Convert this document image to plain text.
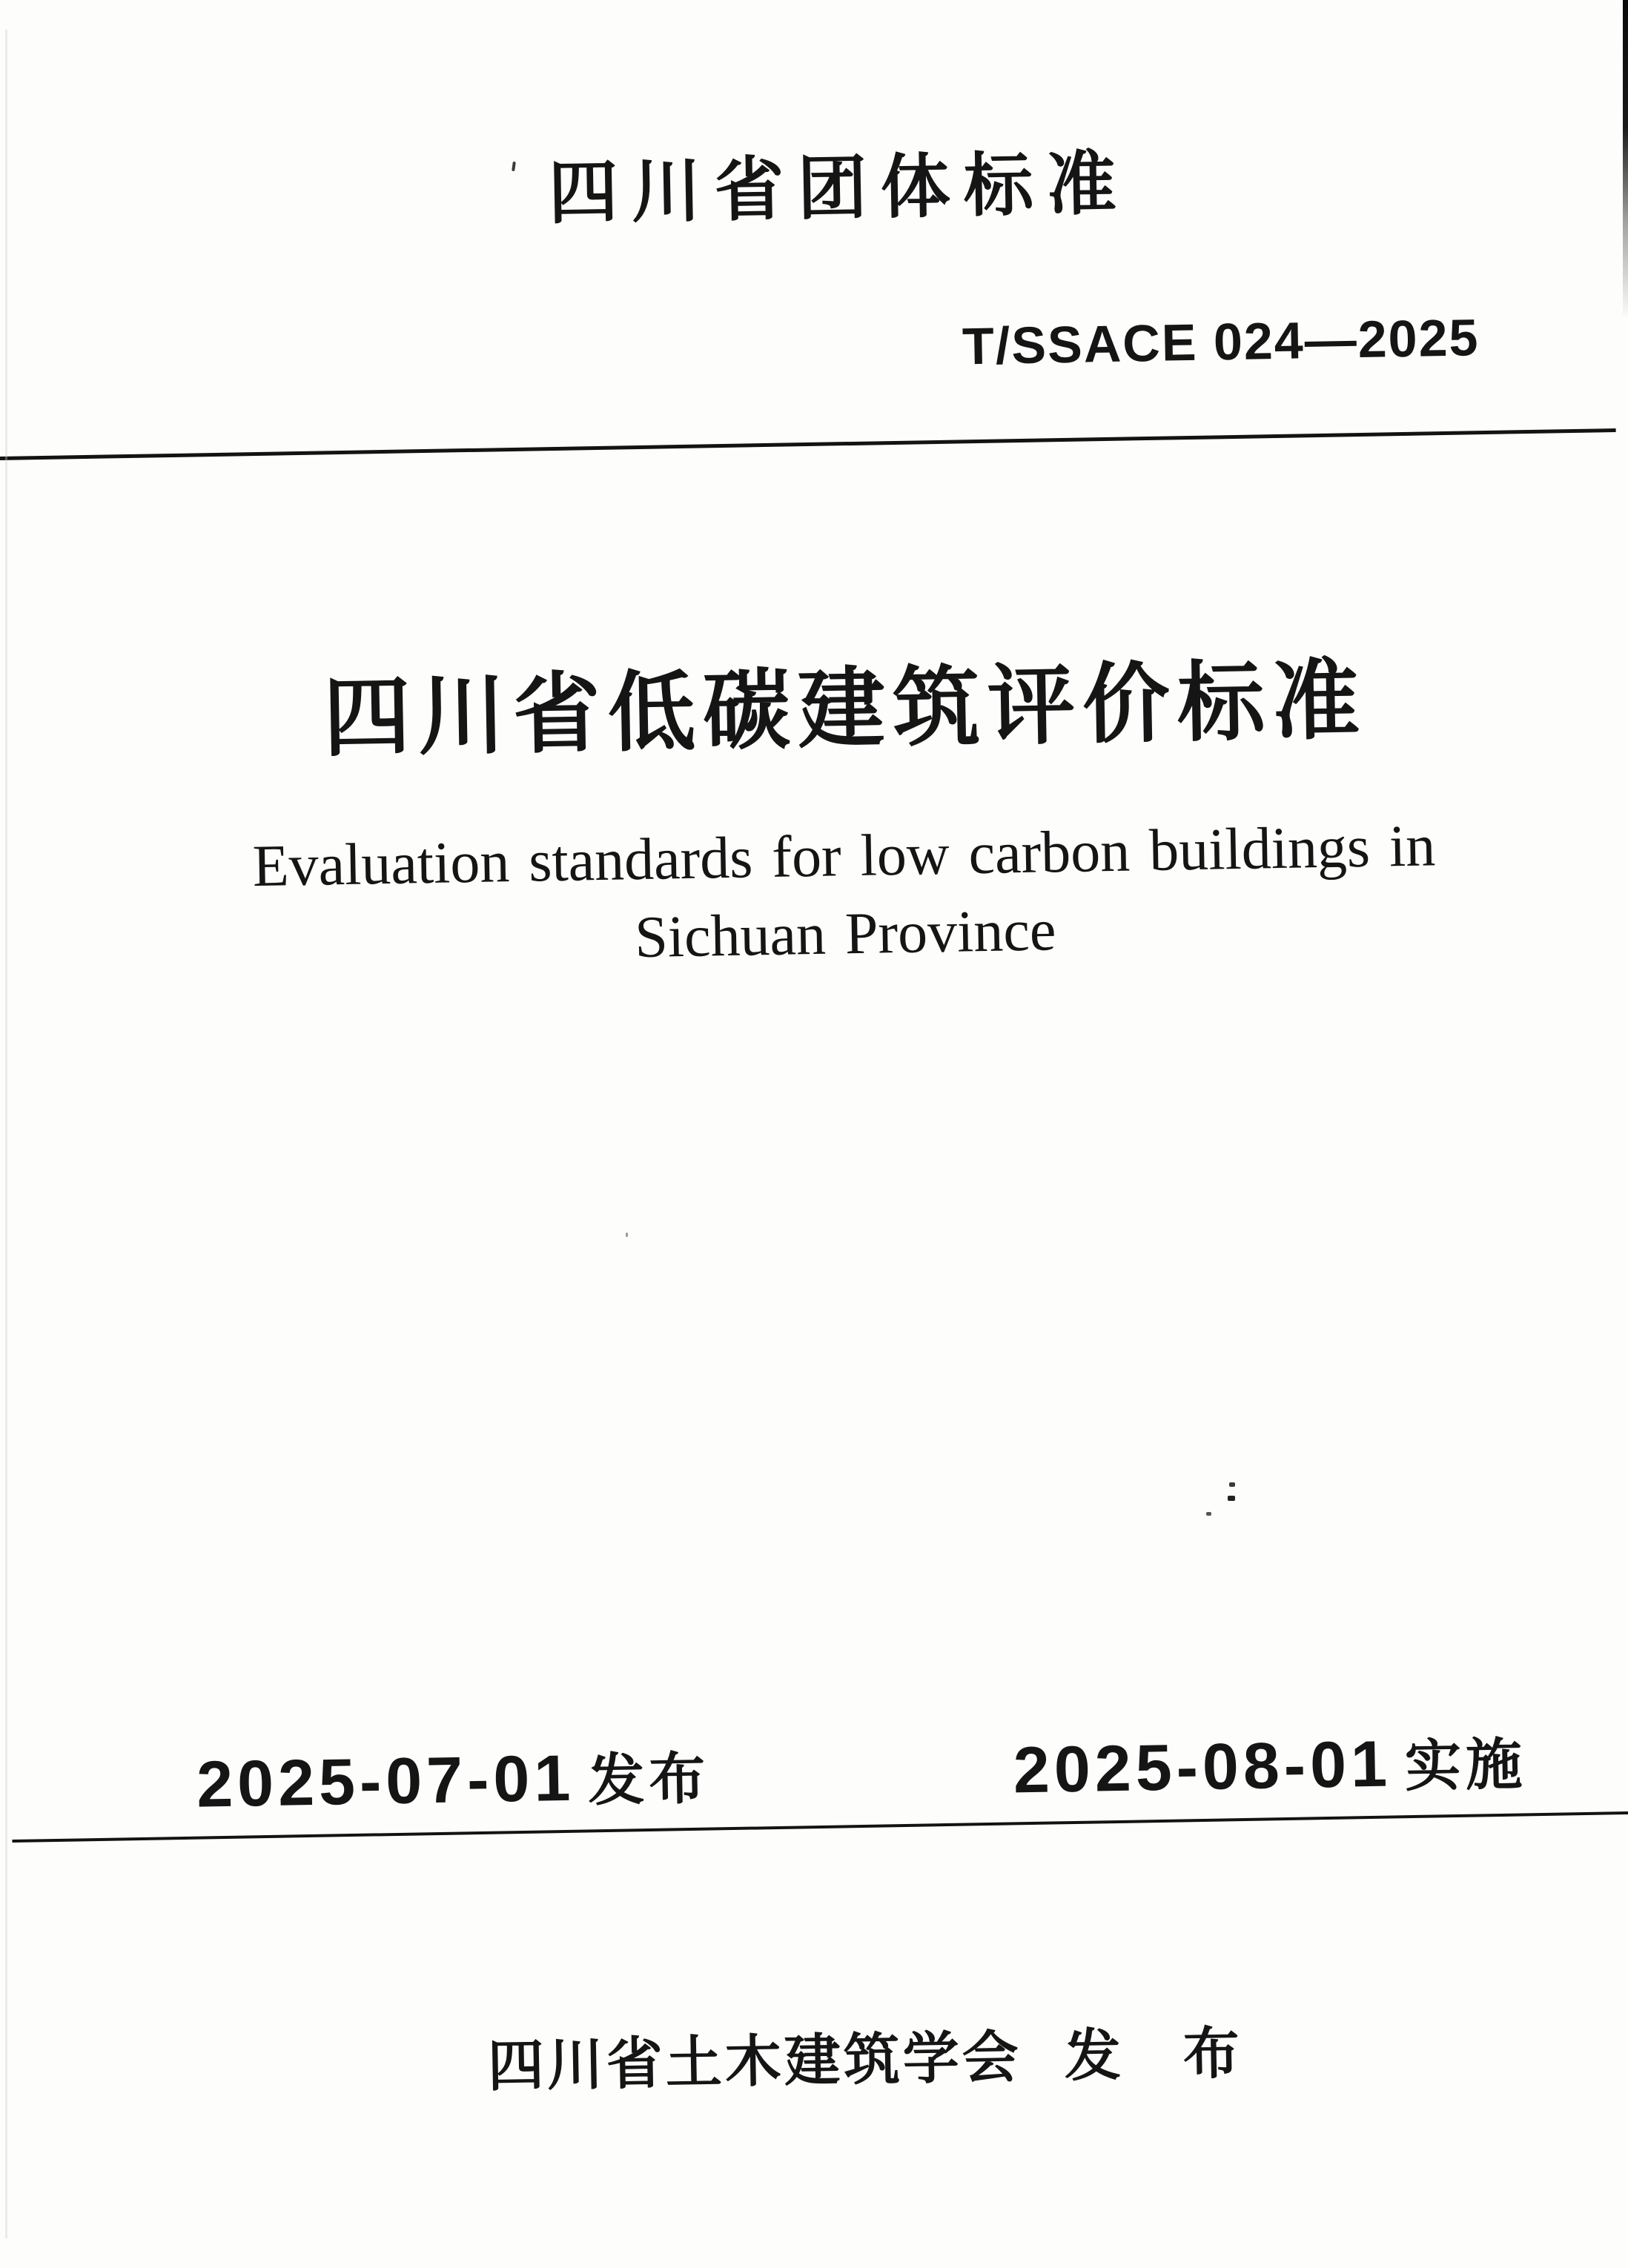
四川省团体标准
T/SSACE 024—2025
四川省低碳建筑评价标准
Evaluation standards for low carbon buildings in
Sichuan Province
四川省土木建筑学会 发　布
2025-07-01 发布	2025-08-01 实施
